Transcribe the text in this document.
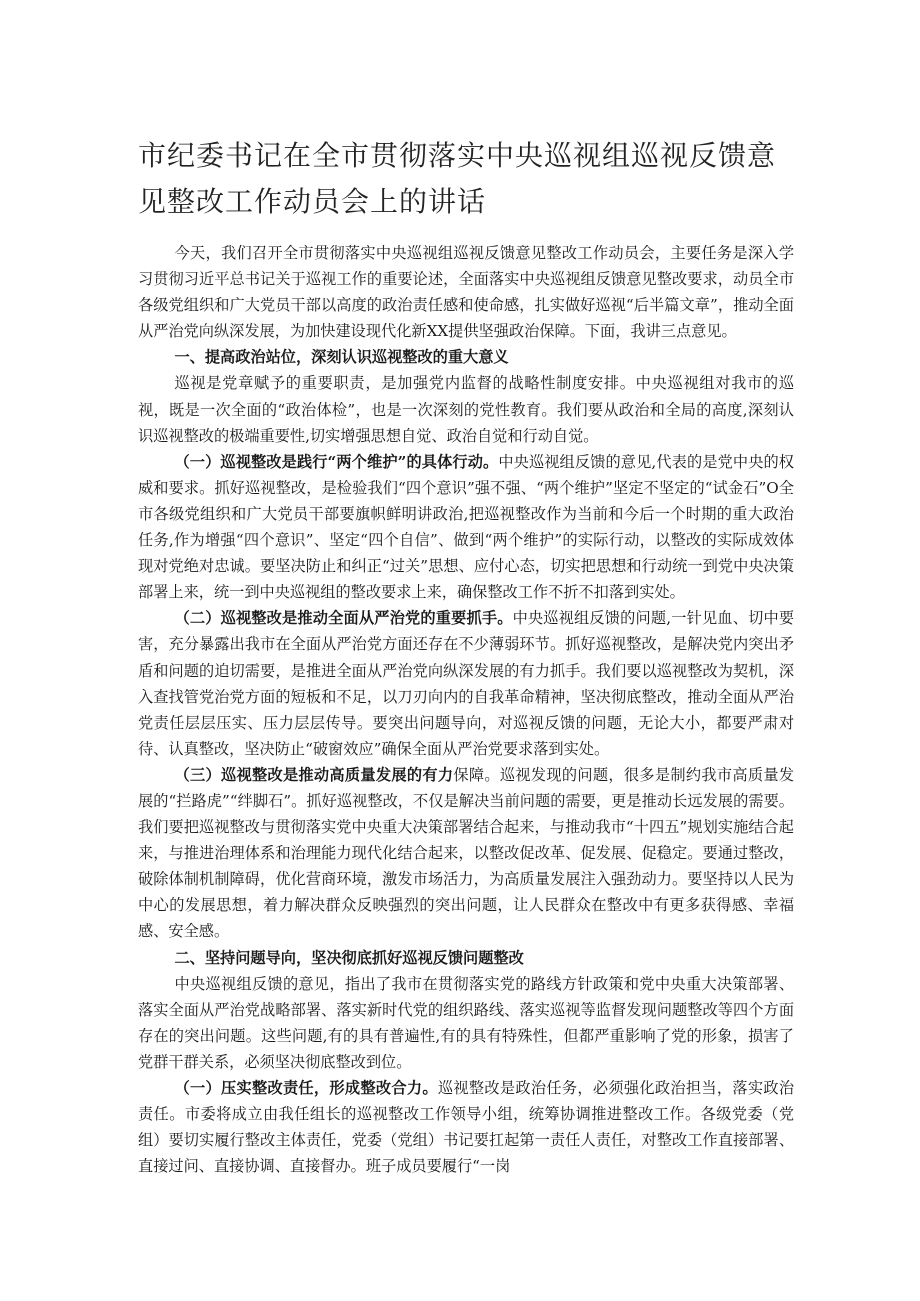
市纪委书记在全市贯彻落实中央巡视组巡视反馈意见整改工作动员会上的讲话

今天，我们召开全市贯彻落实中央巡视组巡视反馈意见整改工作动员会，主要任务是深入学习贯彻习近平总书记关于巡视工作的重要论述，全面落实中央巡视组反馈意见整改要求，动员全市各级党组织和广大党员干部以高度的政治责任感和使命感，扎实做好巡视“后半篇文章”，推动全面从严治党向纵深发展，为加快建设现代化新XX提供坚强政治保障。下面，我讲三点意见。

一、提高政治站位，深刻认识巡视整改的重大意义

巡视是党章赋予的重要职责，是加强党内监督的战略性制度安排。中央巡视组对我市的巡视，既是一次全面的“政治体检”，也是一次深刻的党性教育。我们要从政治和全局的高度,深刻认识巡视整改的极端重要性,切实增强思想自觉、政治自觉和行动自觉。

（一）巡视整改是践行“两个维护”的具体行动。中央巡视组反馈的意见,代表的是党中央的权威和要求。抓好巡视整改，是检验我们“四个意识”强不强、“两个维护”坚定不坚定的“试金石”O全市各级党组织和广大党员干部要旗帜鲜明讲政治,把巡视整改作为当前和今后一个时期的重大政治任务,作为增强“四个意识”、坚定“四个自信”、做到“两个维护”的实际行动，以整改的实际成效体现对党绝对忠诚。要坚决防止和纠正“过关”思想、应付心态，切实把思想和行动统一到党中央决策部署上来，统一到中央巡视组的整改要求上来，确保整改工作不折不扣落到实处。

（二）巡视整改是推动全面从严治党的重要抓手。中央巡视组反馈的问题,一针见血、切中要害，充分暴露出我市在全面从严治党方面还存在不少薄弱环节。抓好巡视整改，是解决党内突出矛盾和问题的迫切需要，是推进全面从严治党向纵深发展的有力抓手。我们要以巡视整改为契机，深入查找管党治党方面的短板和不足，以刀刃向内的自我革命精神，坚决彻底整改，推动全面从严治党责任层层压实、压力层层传导。要突出问题导向，对巡视反馈的问题，无论大小，都要严肃对待、认真整改，坚决防止“破窗效应”确保全面从严治党要求落到实处。

（三）巡视整改是推动高质量发展的有力保障。巡视发现的问题，很多是制约我市高质量发展的“拦路虎”“绊脚石”。抓好巡视整改，不仅是解决当前问题的需要，更是推动长远发展的需要。我们要把巡视整改与贯彻落实党中央重大决策部署结合起来，与推动我市“十四五”规划实施结合起来，与推进治理体系和治理能力现代化结合起来，以整改促改革、促发展、促稳定。要通过整改，破除体制机制障碍，优化营商环境，激发市场活力，为高质量发展注入强劲动力。要坚持以人民为中心的发展思想，着力解决群众反映强烈的突出问题，让人民群众在整改中有更多获得感、幸福感、安全感。

二、坚持问题导向，坚决彻底抓好巡视反馈问题整改

中央巡视组反馈的意见，指出了我市在贯彻落实党的路线方针政策和党中央重大决策部署、落实全面从严治党战略部署、落实新时代党的组织路线、落实巡视等监督发现问题整改等四个方面存在的突出问题。这些问题,有的具有普遍性,有的具有特殊性，但都严重影响了党的形象，损害了党群干群关系，必须坚决彻底整改到位。

（一）压实整改责任，形成整改合力。巡视整改是政治任务，必须强化政治担当，落实政治责任。市委将成立由我任组长的巡视整改工作领导小组，统筹协调推进整改工作。各级党委（党组）要切实履行整改主体责任，党委（党组）书记要扛起第一责任人责任，对整改工作直接部署、直接过问、直接协调、直接督办。班子成员要履行“一岗
